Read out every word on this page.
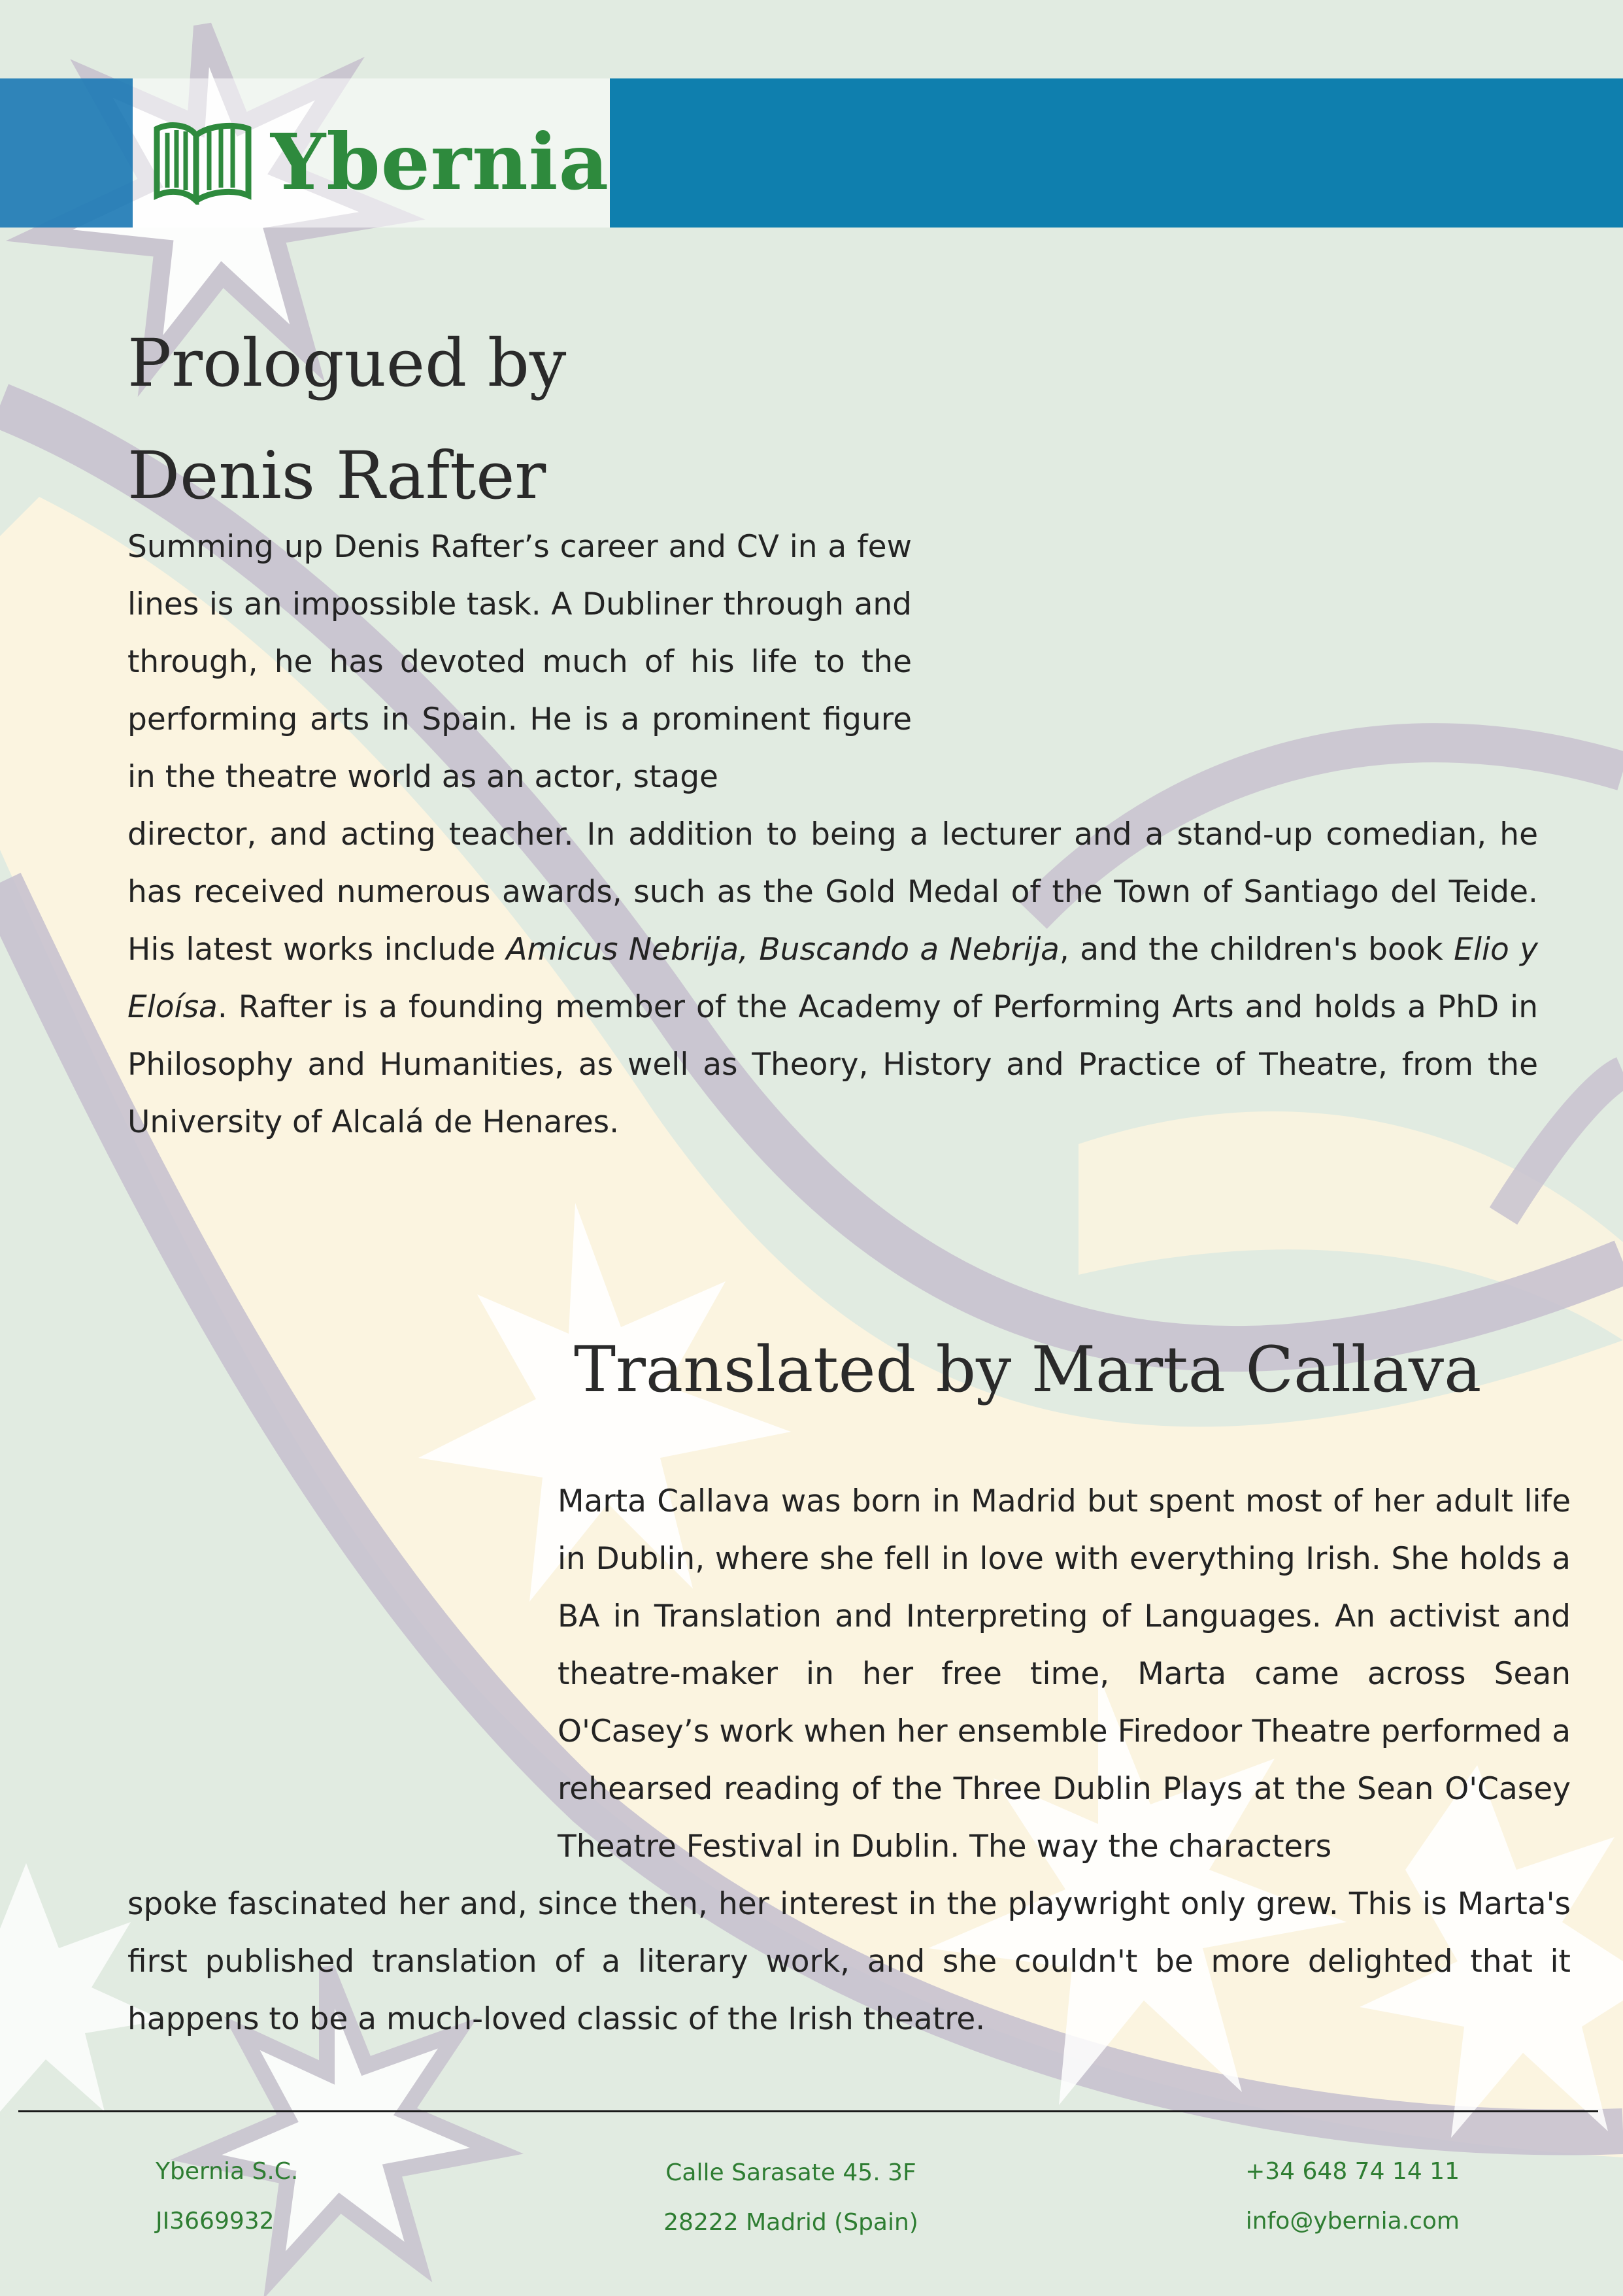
Ybernia
Prologued by
Denis Rafter

Summing up Denis Rafter’s career and CV in a few lines is an impossible task. A Dubliner through and through, he has devoted much of his life to the performing arts in Spain. He is a prominent figure in the theatre world as an actor, stage

director, and acting teacher. In addition to being a lecturer and a stand-up comedian, he has received numerous awards, such as the Gold Medal of the Town of Santiago del Teide. His latest works include Amicus Nebrija, Buscando a Nebrija, and the children's book Elio y Eloísa. Rafter is a founding member of the Academy of Performing Arts and holds a PhD in Philosophy and Humanities, as well as Theory, History and Practice of Theatre, from the University of Alcalá de Henares.

Translated by Marta Callava

Marta Callava was born in Madrid but spent most of her adult life in Dublin, where she fell in love with everything Irish. She holds a BA in Translation and Interpreting of Languages. An activist and theatre-maker in her free time, Marta came across Sean O'Casey’s work when her ensemble Firedoor Theatre performed a rehearsed reading of the Three Dublin Plays at the Sean O'Casey Theatre Festival in Dublin. The way the characters

spoke fascinated her and, since then, her interest in the playwright only grew. This is Marta's first published translation of a literary work, and she couldn't be more delighted that it happens to be a much-loved classic of the Irish theatre.

Ybernia S.C.
JI3669932
Calle Sarasate 45. 3F
28222 Madrid (Spain)
+34 648 74 14 11
info@ybernia.com
